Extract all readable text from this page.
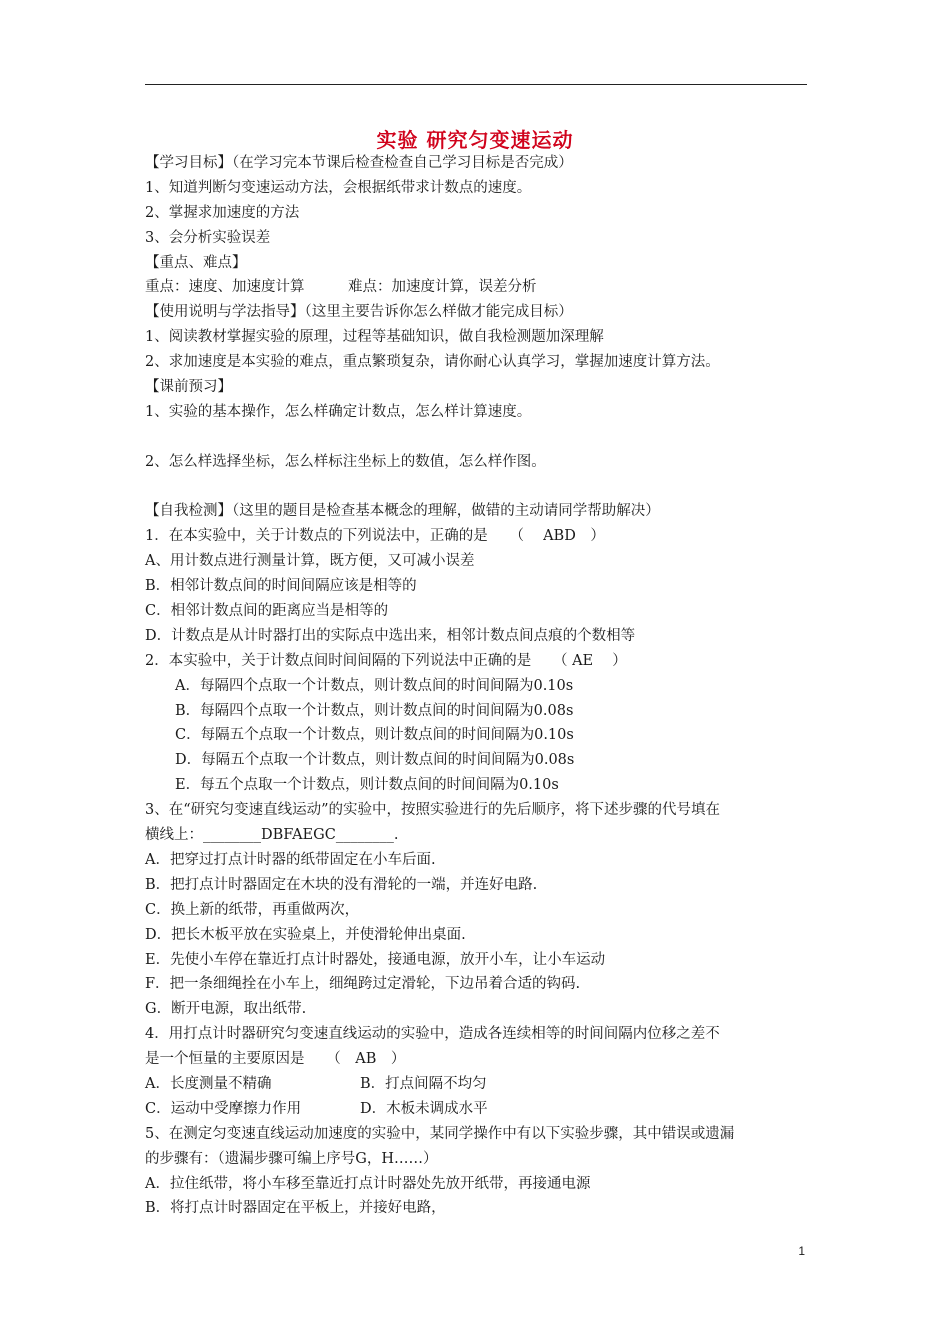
实验 研究匀变速运动
【学习目标】（在学习完本节课后检查检查自己学习目标是否完成）
1、知道判断匀变速运动方法，会根据纸带求计数点的速度。
2、掌握求加速度的方法
3、会分析实验误差
【重点、难点】
重点：速度、加速度计算　　　难点：加速度计算，误差分析
【使用说明与学法指导】（这里主要告诉你怎么样做才能完成目标）
1、阅读教材掌握实验的原理，过程等基础知识，做自我检测题加深理解
2、求加速度是本实验的难点，重点繁琐复杂，请你耐心认真学习，掌握加速度计算方法。
【课前预习】
1、实验的基本操作，怎么样确定计数点，怎么样计算速度。
2、怎么样选择坐标，怎么样标注坐标上的数值，怎么样作图。
【自我检测】（这里的题目是检查基本概念的理解，做错的主动请同学帮助解决）
1．在本实验中，关于计数点的下列说法中，正确的是　　（　 ABD　）
A、用计数点进行测量计算，既方便，又可减小误差
B．相邻计数点间的时间间隔应该是相等的
C．相邻计数点间的距离应当是相等的
D．计数点是从计时器打出的实际点中选出来，相邻计数点间点痕的个数相等
2．本实验中，关于计数点间时间间隔的下列说法中正确的是　　（ AE　 ）
A．每隔四个点取一个计数点，则计数点间的时间间隔为0.10s
B．每隔四个点取一个计数点，则计数点间的时间间隔为0.08s
C．每隔五个点取一个计数点，则计数点间的时间间隔为0.10s
D．每隔五个点取一个计数点，则计数点间的时间间隔为0.08s
E．每五个点取一个计数点，则计数点间的时间间隔为0.10s
3、在“研究匀变速直线运动”的实验中，按照实验进行的先后顺序，将下述步骤的代号填在
横线上：________DBFAEGC________.
A．把穿过打点计时器的纸带固定在小车后面.
B．把打点计时器固定在木块的没有滑轮的一端，并连好电路.
C．换上新的纸带，再重做两次，
D．把长木板平放在实验桌上，并使滑轮伸出桌面.
E．先使小车停在靠近打点计时器处，接通电源，放开小车，让小车运动
F．把一条细绳拴在小车上，细绳跨过定滑轮，下边吊着合适的钩码.
G．断开电源，取出纸带.
4．用打点计时器研究匀变速直线运动的实验中，造成各连续相等的时间间隔内位移之差不
是一个恒量的主要原因是　　（　AB　）
A．长度测量不精确	B．打点间隔不均匀
C．运动中受摩擦力作用	D．木板未调成水平
5、在测定匀变速直线运动加速度的实验中，某同学操作中有以下实验步骤，其中错误或遗漏
的步骤有：（遗漏步骤可编上序号G，H……）
A．拉住纸带，将小车移至靠近打点计时器处先放开纸带，再接通电源
B．将打点计时器固定在平板上，并接好电路，
1
